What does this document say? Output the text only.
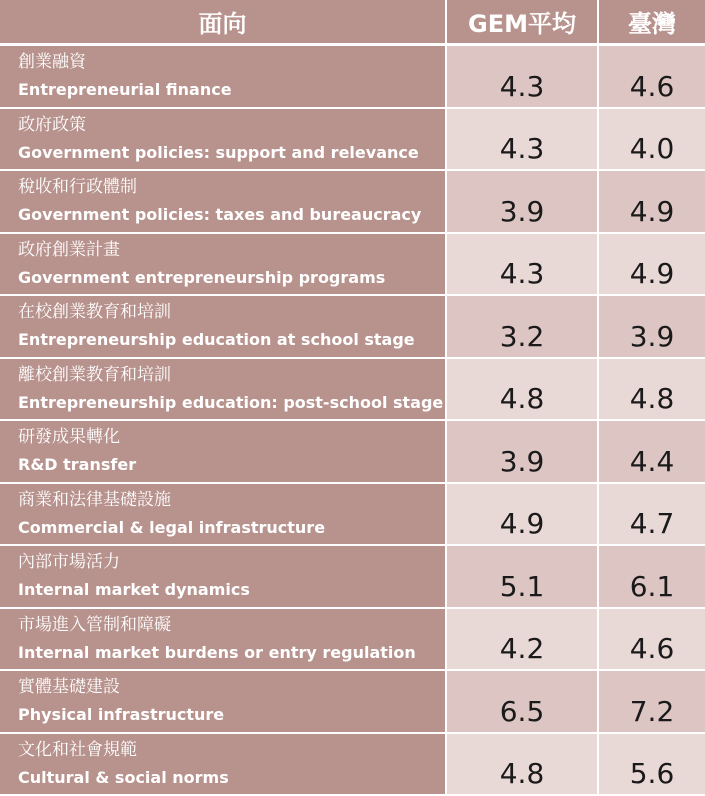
面向	GEM平均	臺灣

創業融資
Entrepreneurial finance	4.3	4.6

政府政策
Government policies: support and relevance	4.3	4.0

稅收和行政體制
Government policies: taxes and bureaucracy	3.9	4.9

政府創業計畫
Government entrepreneurship programs	4.3	4.9

在校創業教育和培訓
Entrepreneurship education at school stage	3.2	3.9

離校創業教育和培訓
Entrepreneurship education: post-school stage	4.8	4.8

研發成果轉化
R&D transfer	3.9	4.4

商業和法律基礎設施
Commercial & legal infrastructure	4.9	4.7

內部市場活力
Internal market dynamics	5.1	6.1

市場進入管制和障礙
Internal market burdens or entry regulation	4.2	4.6

實體基礎建設
Physical infrastructure	6.5	7.2

文化和社會規範
Cultural & social norms	4.8	5.6
